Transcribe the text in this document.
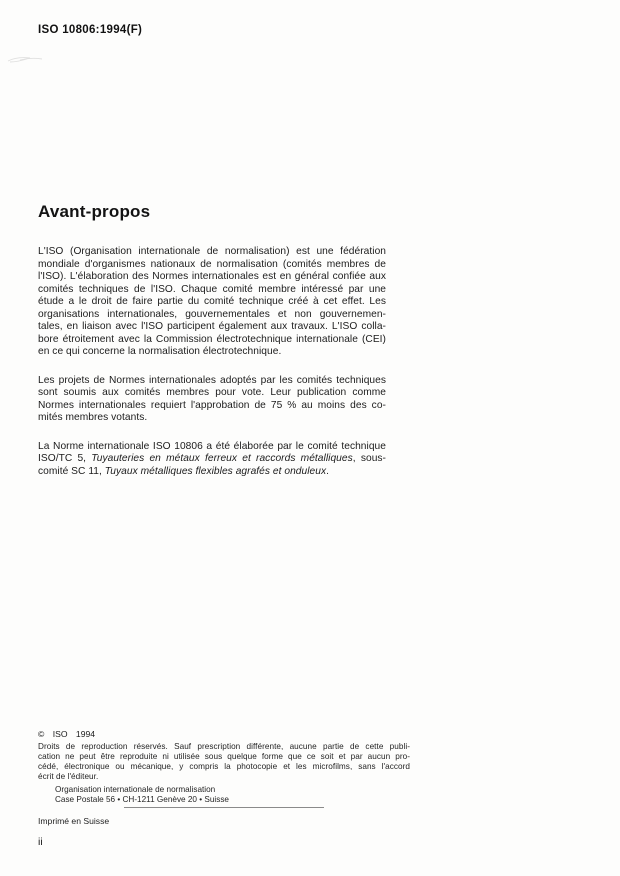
ISO 10806:1994(F)
Avant-propos
L'ISO (Organisation internationale de normalisation) est une fédération
mondiale d'organismes nationaux de normalisation (comités membres de
l'ISO). L'élaboration des Normes internationales est en général confiée aux
comités techniques de l'ISO. Chaque comité membre intéressé par une
étude a le droit de faire partie du comité technique créé à cet effet. Les
organisations internationales, gouvernementales et non gouvernemen-
tales, en liaison avec l'ISO participent également aux travaux. L'ISO colla-
bore étroitement avec la Commission électrotechnique internationale (CEI)
en ce qui concerne la normalisation électrotechnique.
Les projets de Normes internationales adoptés par les comités techniques
sont soumis aux comités membres pour vote. Leur publication comme
Normes internationales requiert l'approbation de 75 % au moins des co-
mités membres votants.
La Norme internationale ISO 10806 a été élaborée par le comité technique
ISO/TC 5, Tuyauteries en métaux ferreux et raccords métalliques, sous-
comité SC 11, Tuyaux métalliques flexibles agrafés et onduleux.
© ISO 1994
Droits de reproduction réservés. Sauf prescription différente, aucune partie de cette publi-
cation ne peut être reproduite ni utilisée sous quelque forme que ce soit et par aucun pro-
cédé, électronique ou mécanique, y compris la photocopie et les microfilms, sans l'accord
écrit de l'éditeur.
Organisation internationale de normalisation
Case Postale 56 • CH-1211 Genève 20 • Suisse
Imprimé en Suisse
ii
